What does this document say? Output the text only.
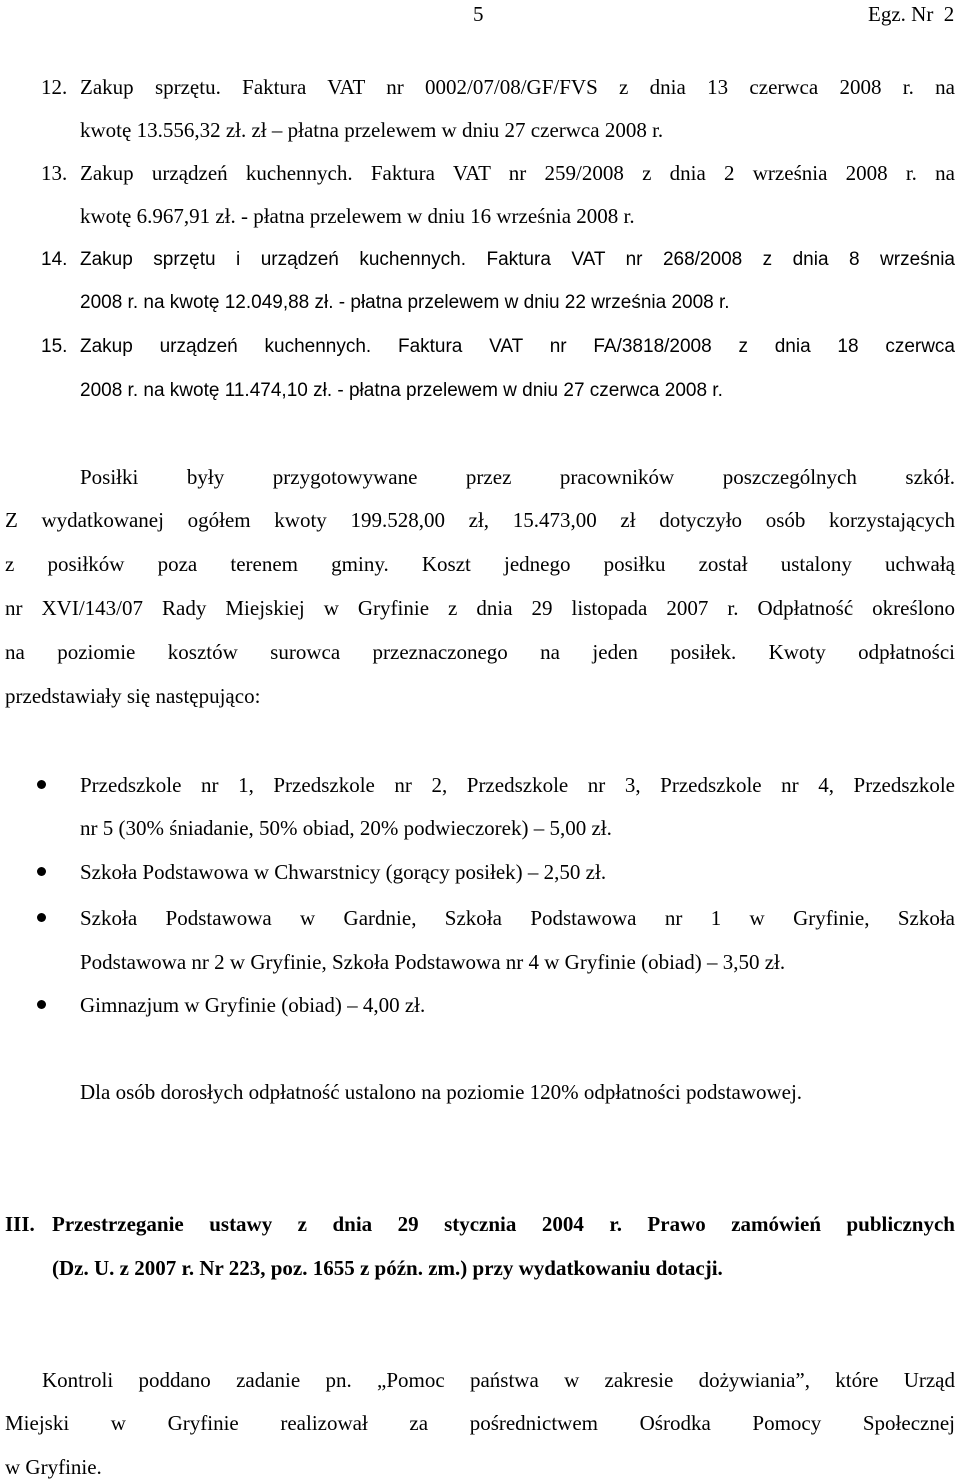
5	Egz. Nr  2
12. Zakup sprzętu. Faktura VAT nr 0002/07/08/GF/FVS z dnia 13 czerwca 2008 r. na
kwotę 13.556,32 zł. zł – płatna przelewem w dniu 27 czerwca 2008 r.
13. Zakup urządzeń kuchennych. Faktura VAT nr 259/2008 z dnia 2 września 2008 r. na
kwotę 6.967,91 zł. - płatna przelewem w dniu 16 września 2008 r.
14. Zakup sprzętu i urządzeń kuchennych. Faktura VAT nr 268/2008 z dnia 8 września
2008 r. na kwotę 12.049,88 zł. - płatna przelewem w dniu 22 września 2008 r.
15. Zakup urządzeń kuchennych. Faktura VAT nr FA/3818/2008 z dnia 18 czerwca
2008 r. na kwotę 11.474,10 zł. - płatna przelewem w dniu 27 czerwca 2008 r.
Posiłki były przygotowywane przez pracowników poszczególnych szkół.
Z wydatkowanej ogółem kwoty 199.528,00 zł, 15.473,00 zł dotyczyło osób korzystających
z posiłków poza terenem gminy. Koszt jednego posiłku został ustalony uchwałą
nr XVI/143/07 Rady Miejskiej w Gryfinie z dnia 29 listopada 2007 r. Odpłatność określono
na poziomie kosztów surowca przeznaczonego na jeden posiłek. Kwoty odpłatności
przedstawiały się następująco:
Przedszkole nr 1, Przedszkole nr 2, Przedszkole nr 3, Przedszkole nr 4, Przedszkole
nr 5 (30% śniadanie, 50% obiad, 20% podwieczorek) – 5,00 zł.
Szkoła Podstawowa w Chwarstnicy (gorący posiłek) – 2,50 zł.
Szkoła Podstawowa w Gardnie, Szkoła Podstawowa nr 1 w Gryfinie, Szkoła
Podstawowa nr 2 w Gryfinie, Szkoła Podstawowa nr 4 w Gryfinie (obiad) – 3,50 zł.
Gimnazjum w Gryfinie (obiad) – 4,00 zł.
Dla osób dorosłych odpłatność ustalono na poziomie 120% odpłatności podstawowej.
III. Przestrzeganie ustawy z dnia 29 stycznia 2004 r. Prawo zamówień publicznych
(Dz. U. z 2007 r. Nr 223, poz. 1655 z późn. zm.) przy wydatkowaniu dotacji.
Kontroli poddano zadanie pn. „Pomoc państwa w zakresie dożywiania”, które Urząd
Miejski w Gryfinie realizował za pośrednictwem Ośrodka Pomocy Społecznej
w Gryfinie.
